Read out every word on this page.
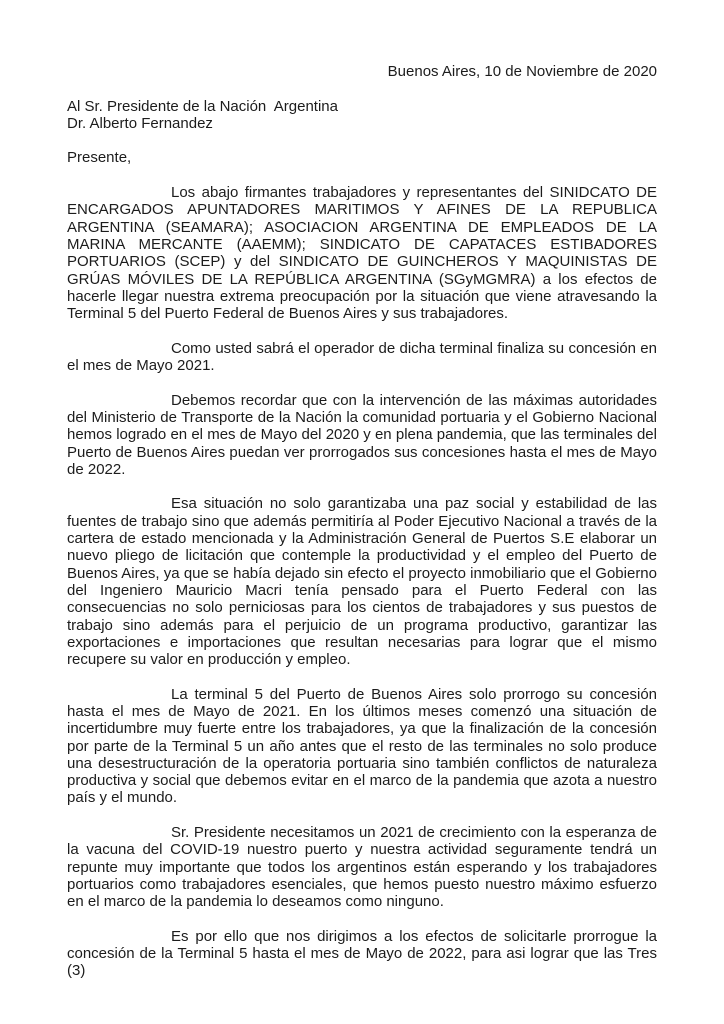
Buenos Aires, 10 de Noviembre de 2020
Al Sr. Presidente de la Nación  Argentina
Dr. Alberto Fernandez
Presente,

Los abajo firmantes trabajadores y representantes del SINIDCATO DE ENCARGADOS APUNTADORES MARITIMOS Y AFINES DE LA REPUBLICA ARGENTINA (SEAMARA); ASOCIACION ARGENTINA DE EMPLEADOS DE LA MARINA MERCANTE (AAEMM); SINDICATO DE CAPATACES ESTIBADORES PORTUARIOS (SCEP) y del SINDICATO DE GUINCHEROS Y MAQUINISTAS DE GRÚAS MÓVILES DE LA REPÚBLICA ARGENTINA (SGyMGMRA) a los efectos de hacerle llegar nuestra extrema preocupación por la situación que viene atravesando la Terminal 5 del Puerto Federal de Buenos Aires y sus trabajadores.

Como usted sabrá el operador de dicha terminal finaliza su concesión en el mes de Mayo 2021.

Debemos recordar que con la intervención de las máximas autoridades del Ministerio de Transporte de la Nación la comunidad portuaria y el Gobierno Nacional hemos logrado en el mes de Mayo del 2020 y en plena pandemia, que las terminales del Puerto de Buenos Aires puedan ver prorrogados sus concesiones hasta el mes de Mayo de 2022.

Esa situación no solo garantizaba una paz social y estabilidad de las fuentes de trabajo sino que además permitiría al Poder Ejecutivo Nacional a través de la cartera de estado mencionada y la Administración General de Puertos S.E elaborar un nuevo pliego de licitación que contemple la productividad y el empleo del Puerto de Buenos Aires, ya que se había dejado sin efecto el proyecto inmobiliario que el Gobierno del Ingeniero Mauricio Macri tenía pensado para el Puerto Federal con las consecuencias no solo perniciosas para los cientos de trabajadores y sus puestos de trabajo sino además para el perjuicio de un programa productivo, garantizar las exportaciones e importaciones que resultan necesarias para lograr que el mismo recupere su valor en producción y empleo.

La terminal 5 del Puerto de Buenos Aires solo prorrogo su concesión hasta el mes de Mayo de 2021. En los últimos meses comenzó una situación de incertidumbre muy fuerte entre los trabajadores, ya que la finalización de la concesión por parte de la Terminal 5 un año antes que el resto de las terminales no solo produce una desestructuración de la operatoria portuaria sino también conflictos de naturaleza productiva y social que debemos evitar en el marco de la pandemia que azota a nuestro país y el mundo.

Sr. Presidente necesitamos un 2021 de crecimiento con la esperanza de la vacuna del COVID-19 nuestro puerto y nuestra actividad seguramente tendrá un repunte muy importante que todos los argentinos están esperando y los trabajadores portuarios como trabajadores esenciales, que hemos puesto nuestro máximo esfuerzo en el marco de la pandemia lo deseamos como ninguno.

Es por ello que nos dirigimos a los efectos de solicitarle prorrogue la concesión de la Terminal 5 hasta el mes de Mayo de 2022, para asi lograr que las Tres (3)
